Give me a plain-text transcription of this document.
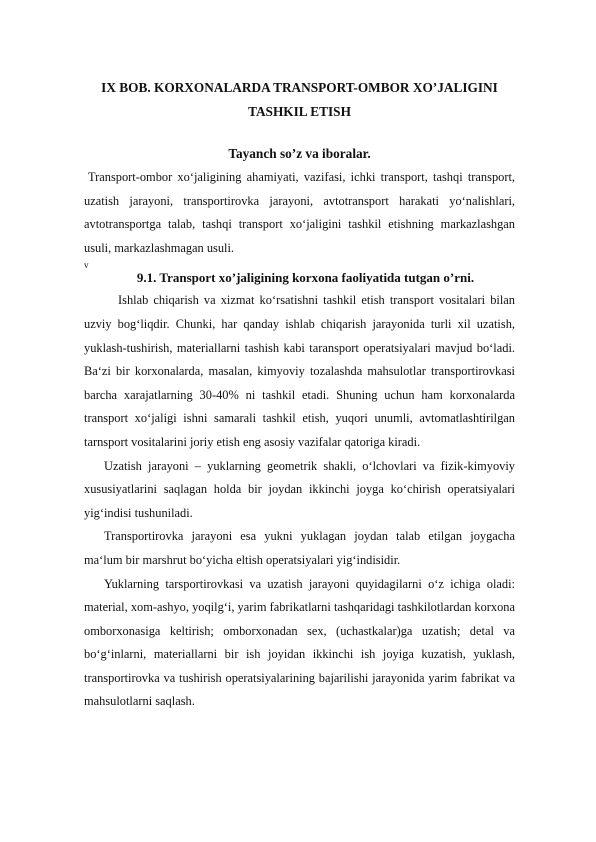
IX BOB. KORXONALARDA TRANSPORT-OMBOR XO’JALIGINI
TASHKIL ETISH
Tayanch so’z va iboralar.

Transport-ombor xo‘jaligining ahamiyati, vazifasi, ichki transport, tashqi transport, uzatish jarayoni, transportirovka jarayoni, avtotransport harakati yo‘nalishlari, avtotransportga talab, tashqi transport xo‘jaligini tashkil etishning markazlashgan usuli, markazlashmagan usuli.

v
9.1. Transport xo’jaligining korxona faoliyatida tutgan o’rni.

Ishlab chiqarish va xizmat ko‘rsatishni tashkil etish transport vositalari bilan uzviy bog‘liqdir. Chunki, har qanday ishlab chiqarish jarayonida turli xil uzatish, yuklash-tushirish, materiallarni tashish kabi taransport operatsiyalari mavjud bo‘ladi. Ba‘zi bir korxonalarda, masalan, kimyoviy tozalashda mahsulotlar transportirovkasi barcha xarajatlarning 30-40% ni tashkil etadi. Shuning uchun ham korxonalarda transport xo‘jaligi ishni samarali tashkil etish, yuqori unumli, avtomatlashtirilgan tarnsport vositalarini joriy etish eng asosiy vazifalar qatoriga kiradi.

Uzatish jarayoni – yuklarning geometrik shakli, o‘lchovlari va fizik-kimyoviy xususiyatlarini saqlagan holda bir joydan ikkinchi joyga ko‘chirish operatsiyalari yig‘indisi tushuniladi.

Transportirovka jarayoni esa yukni yuklagan joydan talab etilgan joygacha ma‘lum bir marshrut bo‘yicha eltish operatsiyalari yig‘indisidir.

Yuklarning tarsportirovkasi va uzatish jarayoni quyidagilarni o‘z ichiga oladi: material, xom-ashyo, yoqilg‘i, yarim fabrikatlarni tashqaridagi tashkilotlardan korxona omborxonasiga keltirish; omborxonadan sex, (uchastkalar)ga uzatish; detal va bo‘g‘inlarni, materiallarni bir ish joyidan ikkinchi ish joyiga kuzatish, yuklash, transportirovka va tushirish operatsiyalarining bajarilishi jarayonida yarim fabrikat va mahsulotlarni saqlash.
